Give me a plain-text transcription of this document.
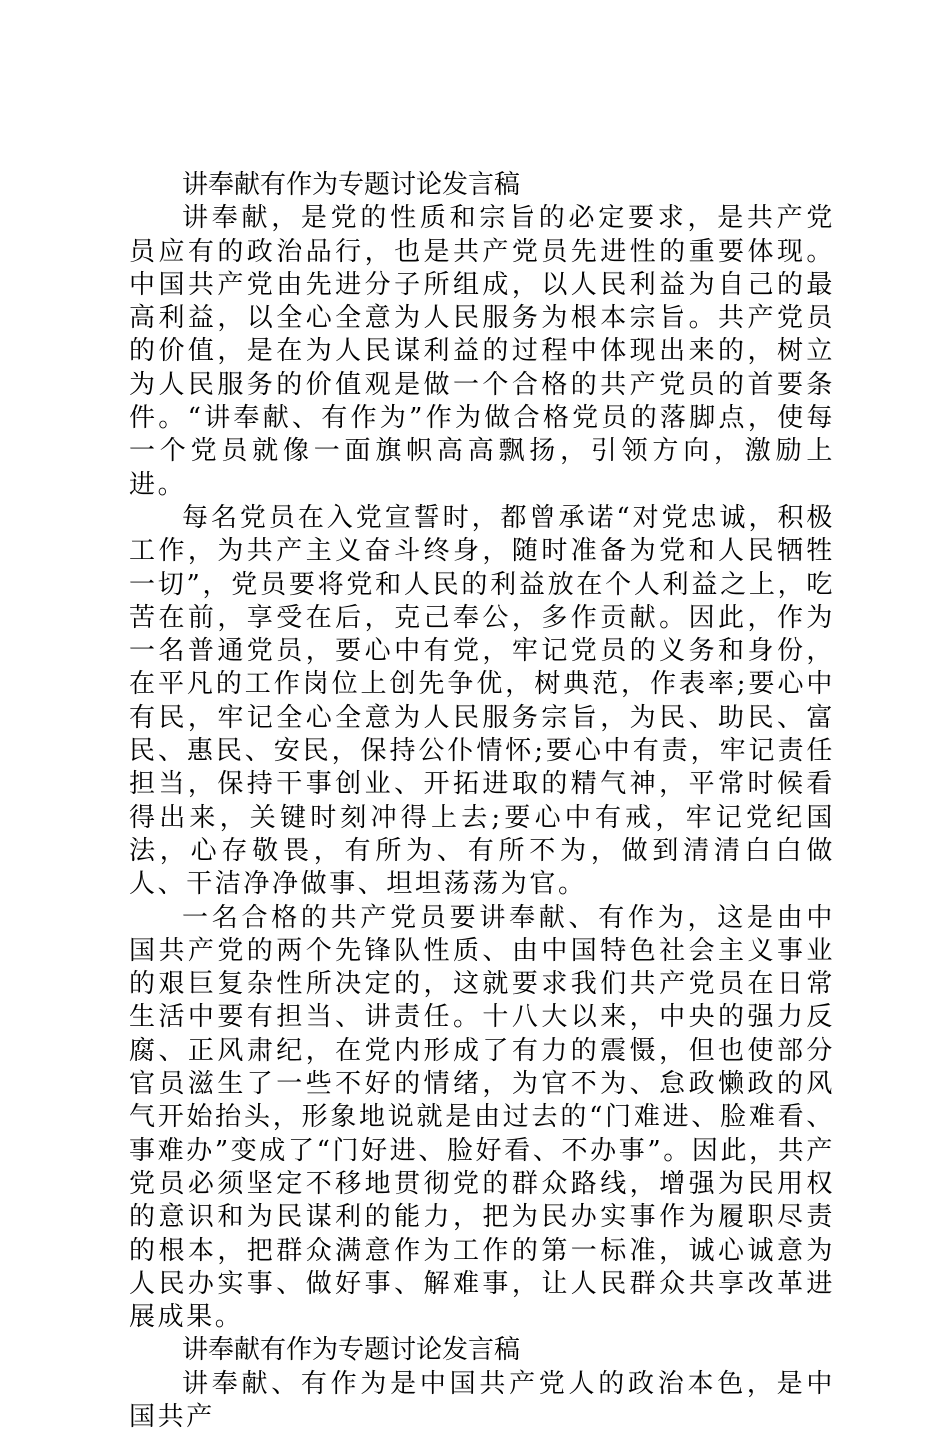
讲奉献有作为专题讨论发言稿

讲奉献，是党的性质和宗旨的必定要求，是共产党员应有的政治品行，也是共产党员先进性的重要体现。中国共产党由先进分子所组成，以人民利益为自己的最高利益，以全心全意为人民服务为根本宗旨。共产党员的价值，是在为人民谋利益的过程中体现出来的，树立为人民服务的价值观是做一个合格的共产党员的首要条件。“讲奉献、有作为”作为做合格党员的落脚点，使每一个党员就像一面旗帜高高飘扬，引领方向，激励上进。

每名党员在入党宣誓时，都曾承诺“对党忠诚，积极工作，为共产主义奋斗终身，随时准备为党和人民牺牲一切”，党员要将党和人民的利益放在个人利益之上，吃苦在前，享受在后，克己奉公，多作贡献。因此，作为一名普通党员，要心中有党，牢记党员的义务和身份，在平凡的工作岗位上创先争优，树典范，作表率;要心中有民，牢记全心全意为人民服务宗旨，为民、助民、富民、惠民、安民，保持公仆情怀;要心中有责，牢记责任担当，保持干事创业、开拓进取的精气神，平常时候看得出来，关键时刻冲得上去;要心中有戒，牢记党纪国法，心存敬畏，有所为、有所不为，做到清清白白做人、干洁净净做事、坦坦荡荡为官。

一名合格的共产党员要讲奉献、有作为，这是由中国共产党的两个先锋队性质、由中国特色社会主义事业的艰巨复杂性所决定的，这就要求我们共产党员在日常生活中要有担当、讲责任。十八大以来，中央的强力反腐、正风肃纪，在党内形成了有力的震慑，但也使部分官员滋生了一些不好的情绪，为官不为、怠政懒政的风气开始抬头，形象地说就是由过去的“门难进、脸难看、事难办”变成了“门好进、脸好看、不办事”。因此，共产党员必须坚定不移地贯彻党的群众路线，增强为民用权的意识和为民谋利的能力，把为民办实事作为履职尽责的根本，把群众满意作为工作的第一标准，诚心诚意为人民办实事、做好事、解难事，让人民群众共享改革进展成果。

讲奉献有作为专题讨论发言稿

讲奉献、有作为是中国共产党人的政治本色，是中国共产
